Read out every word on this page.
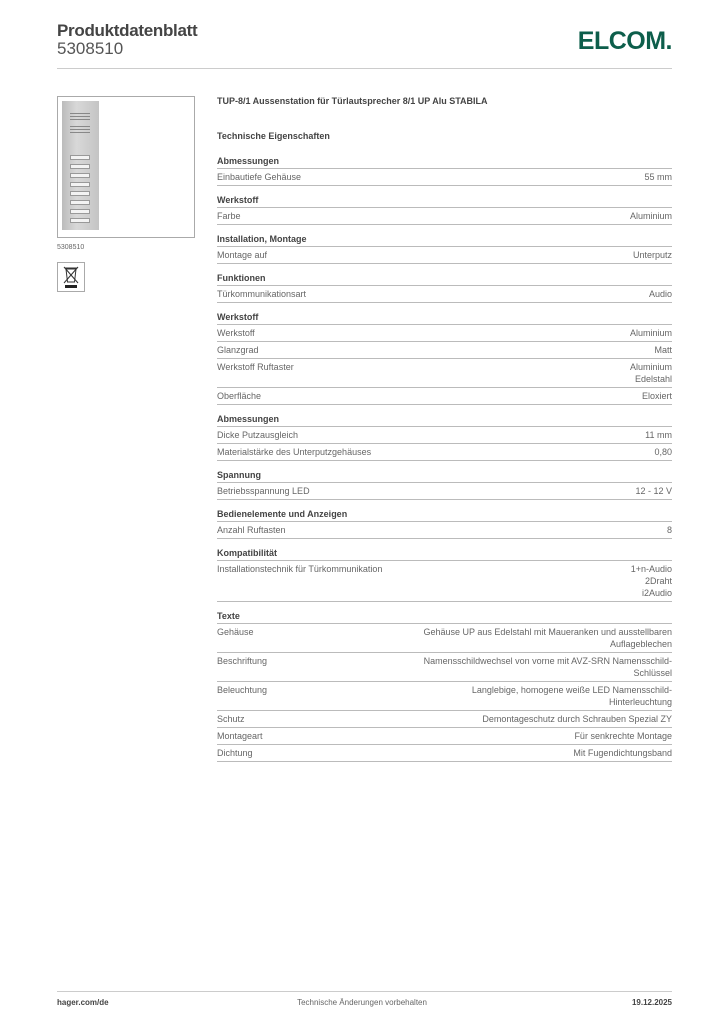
Produktdatenblatt
5308510	ELCOM.
5308510
TUP-8/1 Aussenstation für Türlautsprecher 8/1 UP Alu STABILA
Technische Eigenschaften
Abmessungen
Einbautiefe Gehäuse	55 mm
Werkstoff
Farbe	Aluminium
Installation, Montage
Montage auf	Unterputz
Funktionen
Türkommunikationsart	Audio
Werkstoff
Werkstoff	Aluminium
Glanzgrad	Matt
Werkstoff Ruftaster	Aluminium
Edelstahl
Oberfläche	Eloxiert
Abmessungen
Dicke Putzausgleich	11 mm
Materialstärke des Unterputzgehäuses	0,80
Spannung
Betriebsspannung LED	12 - 12 V
Bedienelemente und Anzeigen
Anzahl Ruftasten	8
Kompatibilität
Installationstechnik für Türkommunikation	1+n-Audio
2Draht
i2Audio
Texte
Gehäuse	Gehäuse UP aus Edelstahl mit Maueranken und ausstellbaren
Auflageblechen
Beschriftung	Namensschildwechsel von vorne mit AVZ-SRN Namensschild-
Schlüssel
Beleuchtung	Langlebige, homogene weiße LED Namensschild-
Hinterleuchtung
Schutz	Demontageschutz durch Schrauben Spezial ZY
Montageart	Für senkrechte Montage
Dichtung	Mit Fugendichtungsband
hager.com/de	Technische Änderungen vorbehalten	19.12.2025
